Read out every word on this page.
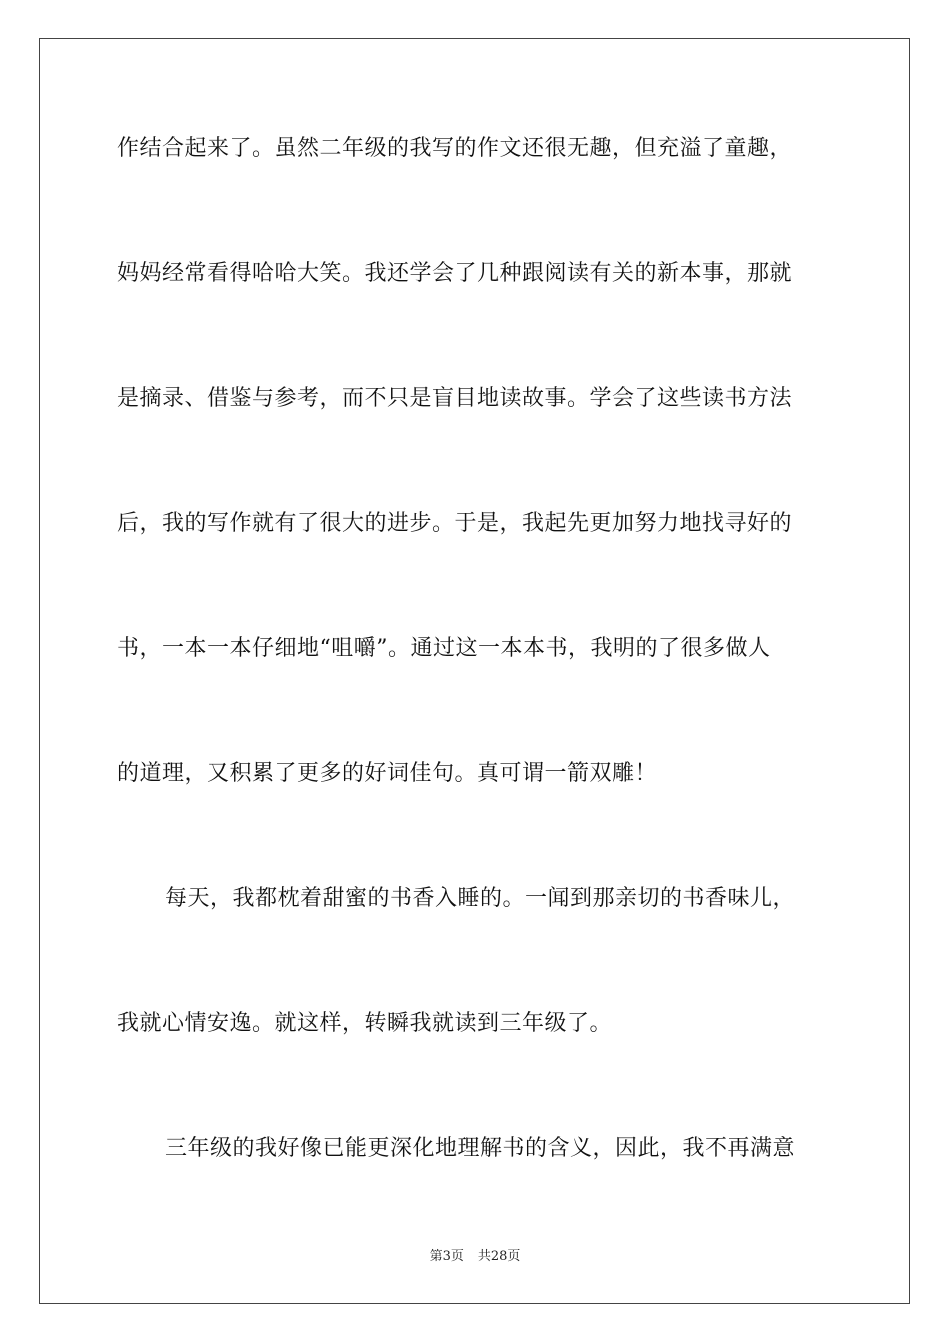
作结合起来了。虽然二年级的我写的作文还很无趣，但充溢了童趣，
妈妈经常看得哈哈大笑。我还学会了几种跟阅读有关的新本事，那就
是摘录、借鉴与参考，而不只是盲目地读故事。学会了这些读书方法
后，我的写作就有了很大的进步。于是，我起先更加努力地找寻好的
书，一本一本仔细地“咀嚼”。通过这一本本书，我明的了很多做人
的道理，又积累了更多的好词佳句。真可谓一箭双雕！
每天，我都枕着甜蜜的书香入睡的。一闻到那亲切的书香味儿，
我就心情安逸。就这样，转瞬我就读到三年级了。
三年级的我好像已能更深化地理解书的含义，因此，我不再满意
第3页 共28页
